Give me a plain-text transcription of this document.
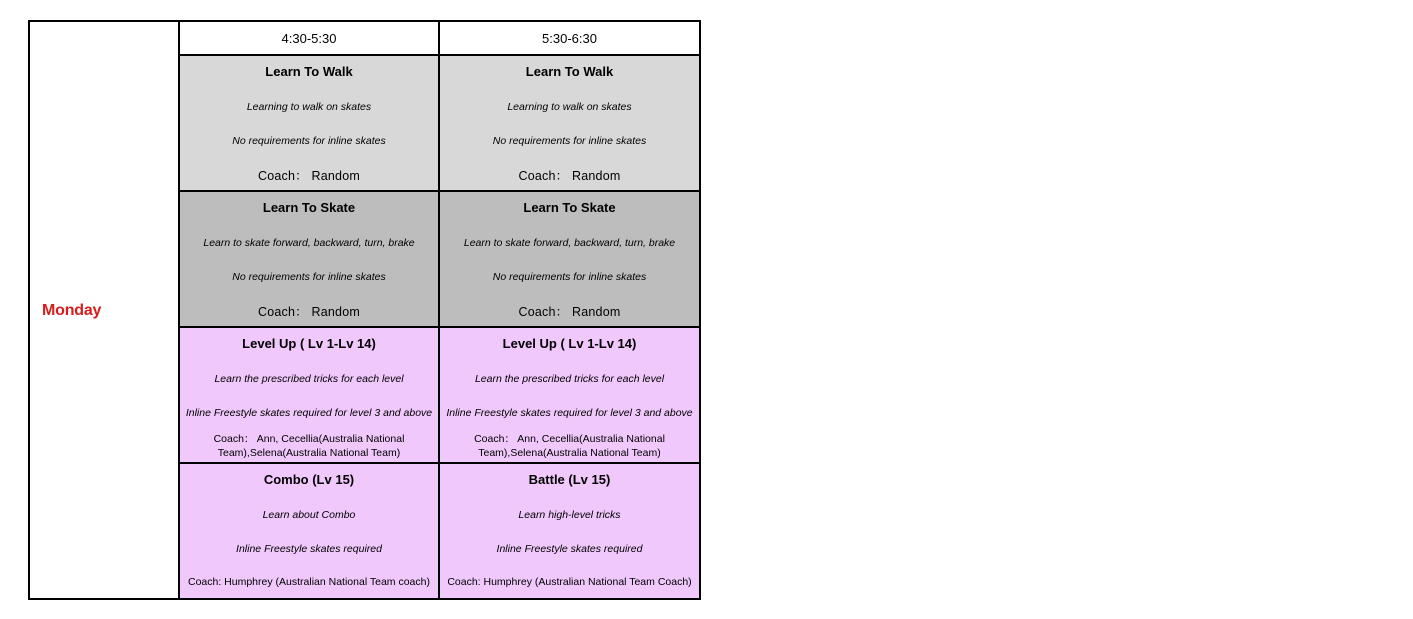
Monday
4:30-5:30	5:30-6:30
Learn To Walk
Learning to walk on skates
No requirements for inline skates
Coach： Random
Learn To Walk
Learning to walk on skates
No requirements for inline skates
Coach： Random
Learn To Skate
Learn to skate forward, backward, turn, brake
No requirements for inline skates
Coach： Random
Learn To Skate
Learn to skate forward, backward, turn, brake
No requirements for inline skates
Coach： Random
Level Up ( Lv 1-Lv 14)
Learn the prescribed tricks for each level
Inline Freestyle skates required for level 3 and above
Coach： Ann, Cecellia(Australia National Team),Selena(Australia National Team)
Level Up ( Lv 1-Lv 14)
Learn the prescribed tricks for each level
Inline Freestyle skates required for level 3 and above
Coach： Ann, Cecellia(Australia National Team),Selena(Australia National Team)
Combo (Lv 15)
Learn about Combo
Inline Freestyle skates required
Coach: Humphrey (Australian National Team coach)
Battle (Lv 15)
Learn high-level tricks
Inline Freestyle skates required
Coach: Humphrey (Australian National Team Coach)
